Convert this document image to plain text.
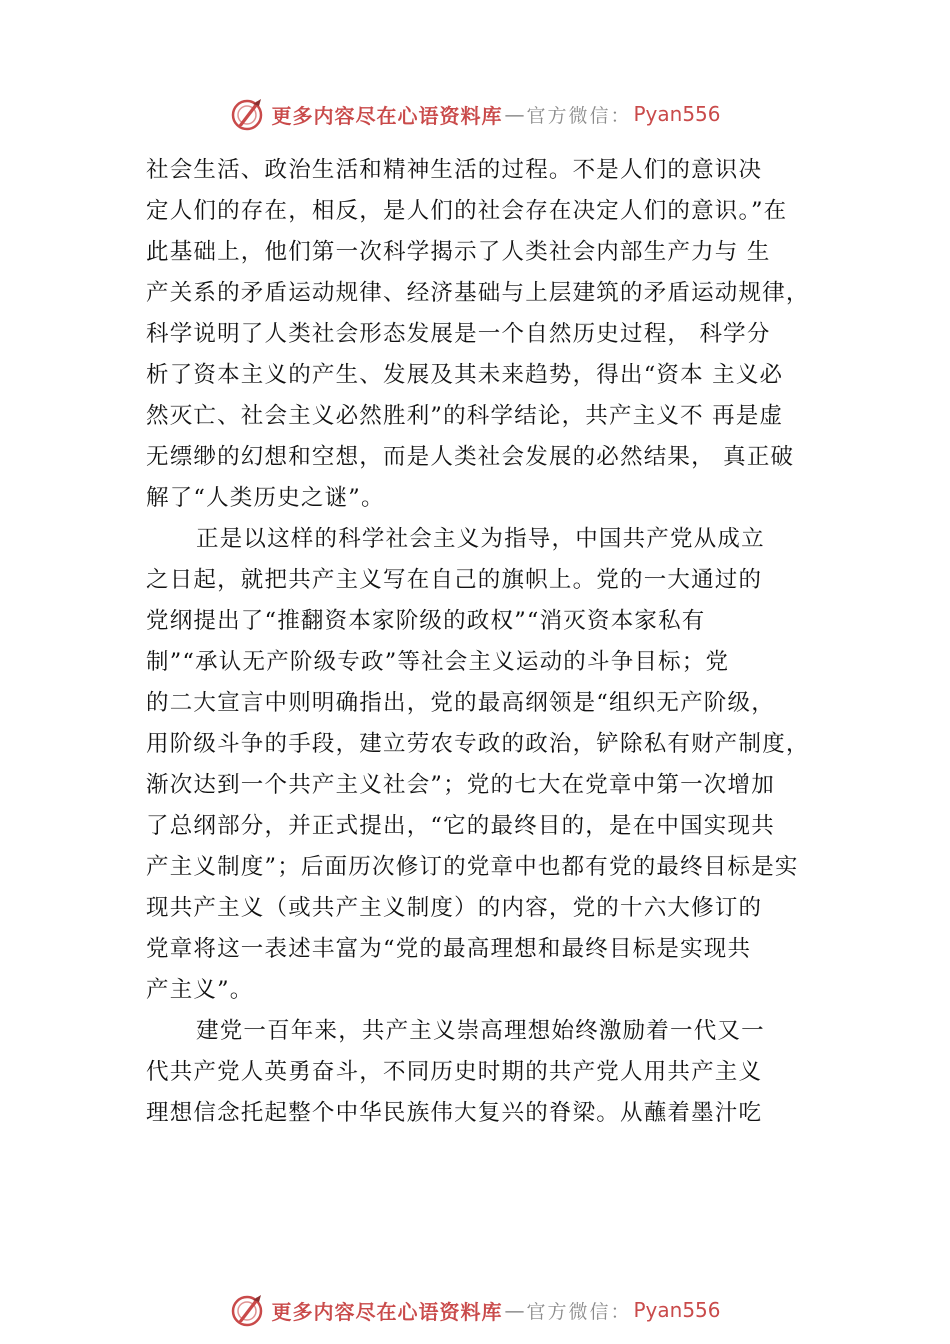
更多内容尽在心语资料库 — 官方微信： Pyan556
社会生活、政治生活和精神生活的过程。不是人们的意识决
定人们的存在，相反，是人们的社会存在决定人们的意识。”在
此基础上，他们第一次科学揭示了人类社会内部生产力与 生
产关系的矛盾运动规律、经济基础与上层建筑的矛盾运动规律，
科学说明了人类社会形态发展是一个自然历史过程， 科学分
析了资本主义的产生、发展及其未来趋势，得出“资本 主义必
然灭亡、社会主义必然胜利”的科学结论，共产主义不 再是虚
无缥缈的幻想和空想，而是人类社会发展的必然结果， 真正破
解了“人类历史之谜”。
正是以这样的科学社会主义为指导，中国共产党从成立
之日起，就把共产主义写在自己的旗帜上。党的一大通过的
党纲提出了“推翻资本家阶级的政权”“消灭资本家私有
制”“承认无产阶级专政”等社会主义运动的斗争目标；党
的二大宣言中则明确指出，党的最高纲领是“组织无产阶级，
用阶级斗争的手段，建立劳农专政的政治，铲除私有财产制度，
渐次达到一个共产主义社会”；党的七大在党章中第一次增加
了总纲部分，并正式提出，“它的最终目的，是在中国实现共
产主义制度”；后面历次修订的党章中也都有党的最终目标是实
现共产主义（或共产主义制度）的内容，党的十六大修订的
党章将这一表述丰富为“党的最高理想和最终目标是实现共
产主义”。
建党一百年来，共产主义崇高理想始终激励着一代又一
代共产党人英勇奋斗，不同历史时期的共产党人用共产主义
理想信念托起整个中华民族伟大复兴的脊梁。从蘸着墨汁吃
更多内容尽在心语资料库 — 官方微信： Pyan556
